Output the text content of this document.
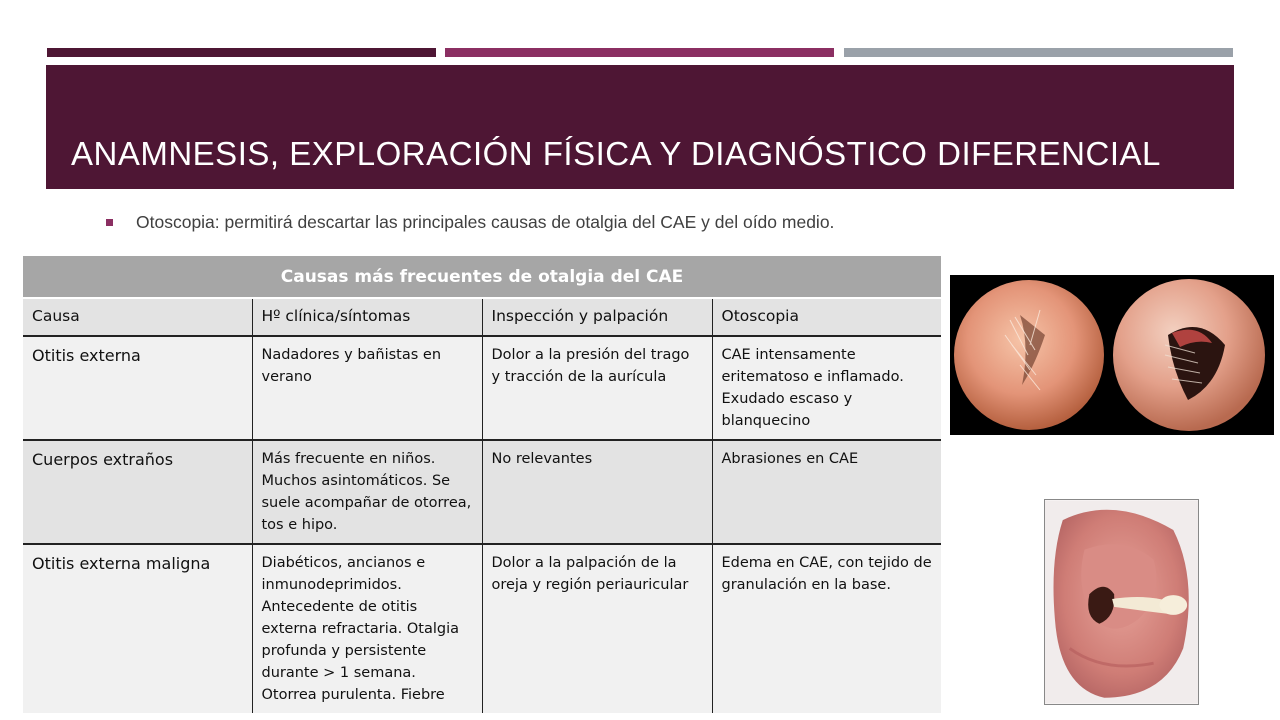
ANAMNESIS, EXPLORACIÓN FÍSICA Y DIAGNÓSTICO DIFERENCIAL
Otoscopia: permitirá descartar las principales causas de otalgia del CAE y del oído medio.
Causas más frecuentes de otalgia del CAE			
Causa	Hº clínica/síntomas	Inspección y palpación	Otoscopia
Otitis externa	Nadadores y bañistas en verano	Dolor a la presión del trago y tracción de la aurícula	CAE intensamente eritematoso e inflamado. Exudado escaso y blanquecino
Cuerpos extraños	Más frecuente en niños. Muchos asintomáticos. Se suele acompañar de otorrea, tos e hipo.	No relevantes	Abrasiones en CAE
Otitis externa maligna	Diabéticos, ancianos e inmunodeprimidos. Antecedente de otitis externa refractaria. Otalgia profunda y persistente durante > 1 semana. Otorrea purulenta. Fiebre	Dolor a la palpación de la oreja y región periauricular	Edema en CAE, con tejido de granulación en la base.
